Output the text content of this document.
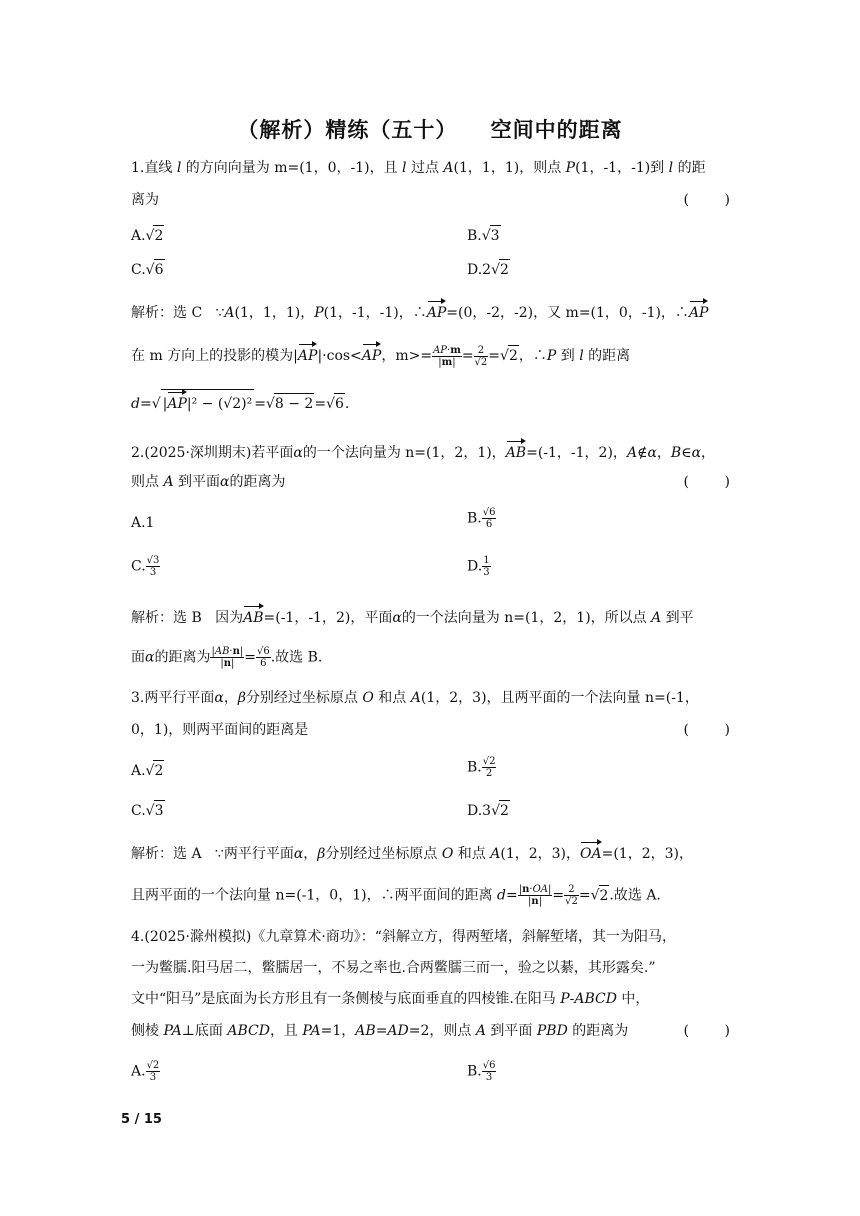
（解析）精练（五十）    空间中的距离
1.直线 l 的方向向量为 m=(1，0，-1)，且 l 过点 A(1，1，1)，则点 P(1，-1，-1)到 l 的距
离为	(        )
A.√2	B.√3
C.√6	D.2√2
解析：选 C   ∵A(1，1，1)，P(1，-1，-1)，∴AP=(0，-2，-2)，又 m=(1，0，-1)，∴AP
在 m 方向上的投影的模为|AP|·cos<AP，$m>= \frac{AP\cdot m}{|m|} = \frac{2}{√2} =√2$，∴P 到 l 的距离
d=√ |AP|² − (√2)² =√8 − 2=√6.
2.(2025·深圳期末)若平面α的一个法向量为 n=(1，2，1)，AB=(-1，-1，2)，A∉α，B∈α，
则点 A 到平面α的距离为	(        )
A.1	B. $\frac{√6}{6}$
C. $\frac{√3}{3}$	D. $\frac{1}{3}$
解析：选 B   因为AB=(-1，-1，2)，平面α的一个法向量为 n=(1，2，1)，所以点 A 到平
面α的距离为 $\frac{|AB\cdot n|}{|n|} = \frac{√6}{6}$ .故选 B.
3.两平行平面α，β分别经过坐标原点 O 和点 A(1，2，3)，且两平面的一个法向量 n=(-1，
0，1)，则两平面间的距离是	(        )
A.√2	B. $\frac{√2}{2}$
C.√3	D.3√2
解析：选 A   ∵两平行平面α，β分别经过坐标原点 O 和点 A(1，2，3)，OA=(1，2，3)，
且两平面的一个法向量 n=(-1，0，1)，∴两平面间的距离 $d= \frac{|n\cdot OA|}{|n|} = \frac{2}{√2} =√2$.故选 A.
4.(2025·滁州模拟)《九章算术·商功》：“斜解立方，得两堑堵，斜解堑堵，其一为阳马，
一为鳖臑.阳马居二，鳖臑居一，不易之率也.合两鳖臑三而一，验之以綦，其形露矣.”
文中“阳马”是底面为长方形且有一条侧棱与底面垂直的四棱锥.在阳马 P-ABCD 中，
侧棱 PA⊥底面 ABCD，且 PA=1，AB=AD=2，则点 A 到平面 PBD 的距离为	(        )
A. $\frac{√2}{3}$	B. $\frac{√6}{3}$
5 / 15
